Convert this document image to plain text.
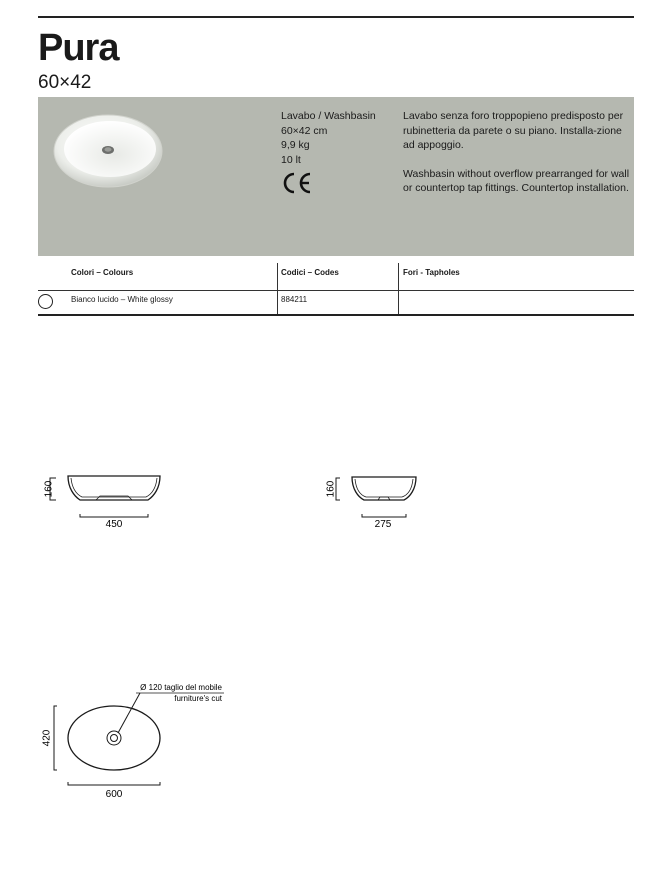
Pura
60×42
Lavabo / Washbasin
60×42 cm
9,9 kg
10 lt

Lavabo senza foro troppopieno predisposto per rubinetteria da parete o su piano. Installa-zione ad appoggio.

Washbasin without overflow prearranged for wall or countertop tap fittings. Countertop installation.

Colori – Colours	Codici – Codes	Fori - Tapholes
Bianco lucido – White glossy	884211
160
450
160
275
420
600
Ø 120 taglio del mobile
furniture's cut
